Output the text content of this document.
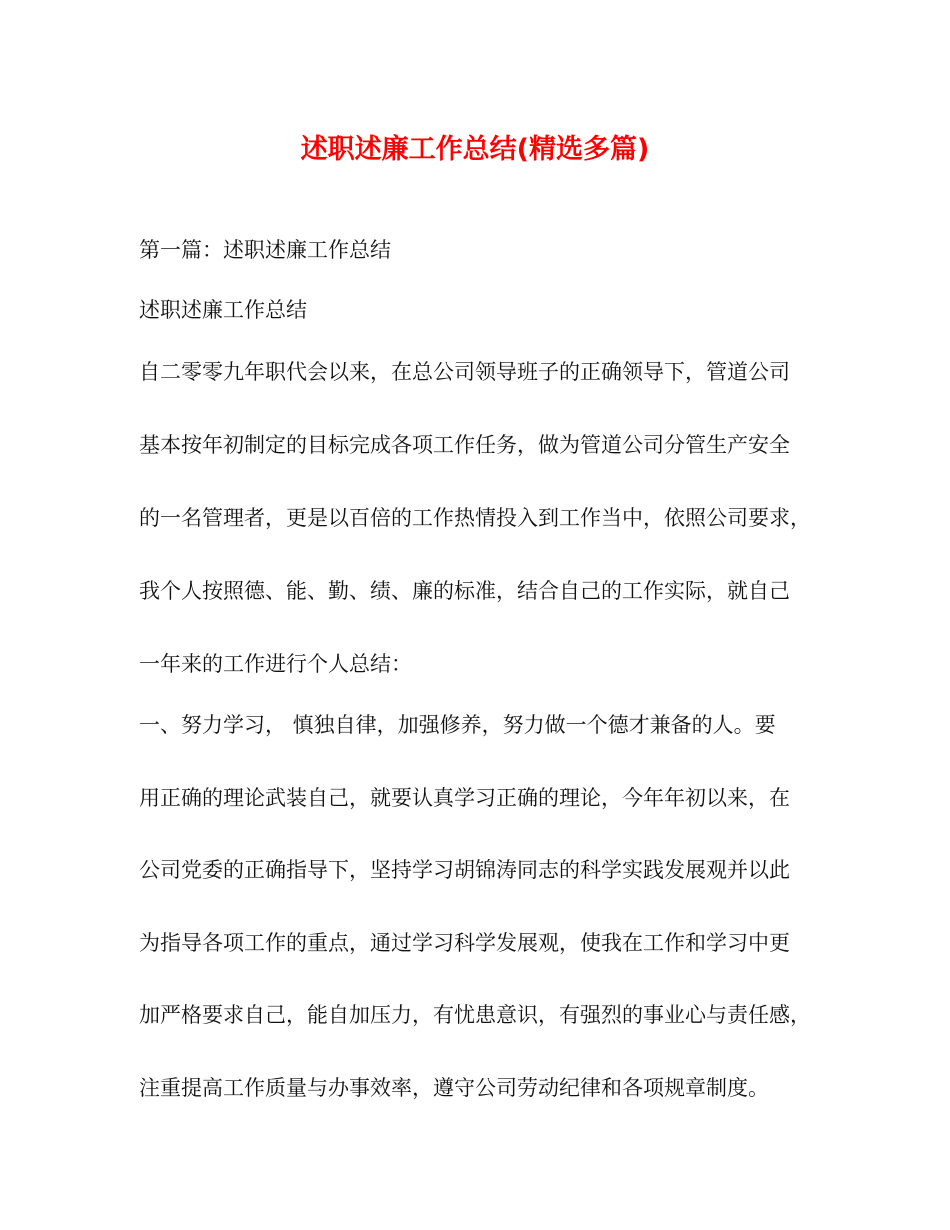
述职述廉工作总结(精选多篇)
第一篇：述职述廉工作总结
述职述廉工作总结
自二零零九年职代会以来，在总公司领导班子的正确领导下，管道公司
基本按年初制定的目标完成各项工作任务，做为管道公司分管生产安全
的一名管理者，更是以百倍的工作热情投入到工作当中，依照公司要求，
我个人按照德、能、勤、绩、廉的标准，结合自己的工作实际，就自己
一年来的工作进行个人总结：
一、努力学习， 慎独自律，加强修养，努力做一个德才兼备的人。要
用正确的理论武装自己，就要认真学习正确的理论，今年年初以来，在
公司党委的正确指导下，坚持学习胡锦涛同志的科学实践发展观并以此
为指导各项工作的重点，通过学习科学发展观，使我在工作和学习中更
加严格要求自己，能自加压力，有忧患意识，有强烈的事业心与责任感，
注重提高工作质量与办事效率，遵守公司劳动纪律和各项规章制度。
